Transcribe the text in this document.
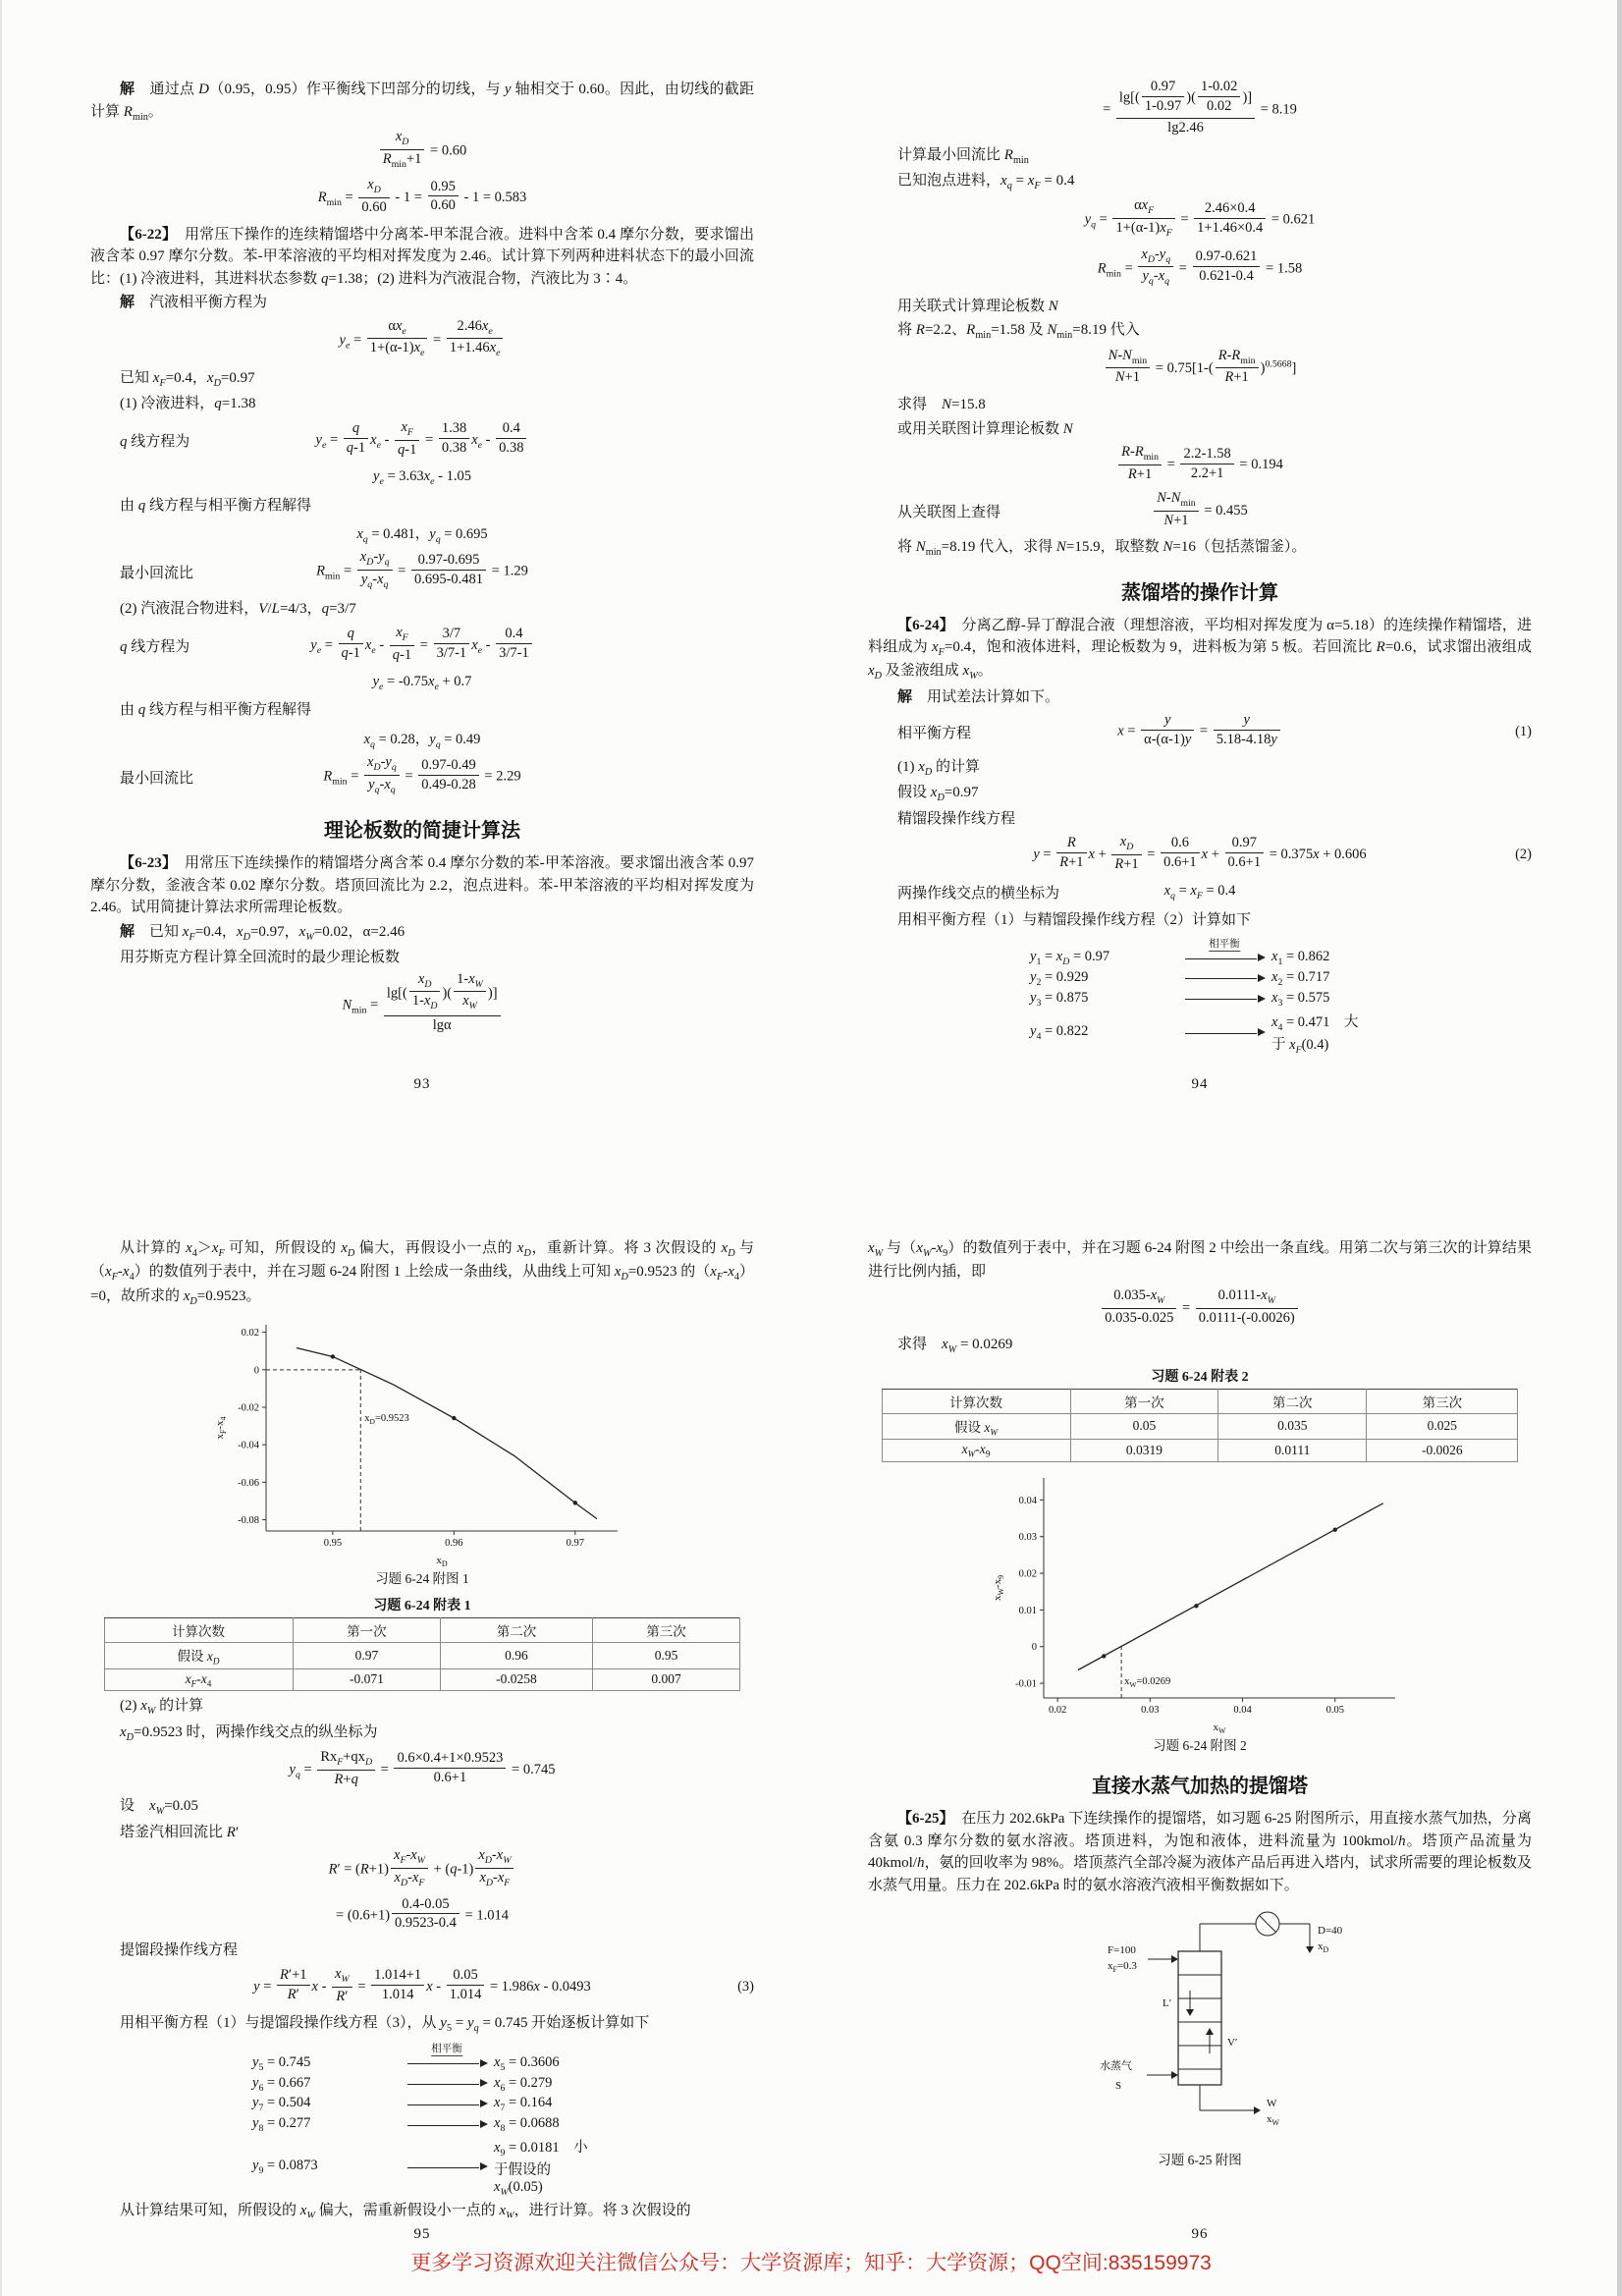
解　 通过点 D（0.95，0.95）作平衡线下凹部分的切线，与 y 轴相交于 0.60。因此，由切线的截距计算 $R_{min}$。

$x_D$
$R_{min}+1$
= 0.60
$R_{min} = \frac{x_D}{0.60} - 1 = \frac{0.95}{0.60} - 1 = 0.583$

【6-22】　 用常压下操作的连续精馏塔中分离苯-甲苯混合液。进料中含苯 0.4 摩尔分数，要求馏出液含苯 0.97 摩尔分数。苯-甲苯溶液的平均相对挥发度为 2.46。试计算下列两种进料状态下的最小回流比：(1) 冷液进料，其进料状态参数 q=1.38；(2) 进料为汽液混合物，汽液比为 3∶4。

解　 汽液相平衡方程为

$y_e$ =
$\alpha x_e$
$1+(\alpha-1)x_e$
= $\frac{2.46x_e}{1+1.46x_e}$

已知 $x_F=0.4$，$x_D=0.97$

(1) 冷液进料，q=1.38

q 线方程为	$y_e = \frac{q}{q-1} x_e - \frac{x_F}{q-1} = \frac{1.38}{0.38} x_e - \frac{0.4}{0.38}$
$y_e = 3.63x_e - 1.05$

由 q 线方程与相平衡方程解得

$x_q = 0.481$，$y_q = 0.695$
最小回流比	$R_{min} = \frac{x_D-y_q}{y_q-x_q} = \frac{0.97-0.695}{0.695-0.481} = 1.29$

(2) 汽液混合物进料，V/L=4/3，q=3/7

q 线方程为	$y_e = \frac{q}{q-1} x_e - \frac{x_F}{q-1} = \frac{3/7}{3/7-1} x_e - \frac{0.4}{3/7-1}$
$y_e = -0.75x_e + 0.7$

由 q 线方程与相平衡方程解得

$x_q = 0.28$，$y_q = 0.49$
最小回流比	$R_{min} = \frac{x_D-y_q}{y_q-x_q} = \frac{0.97-0.49}{0.49-0.28} = 2.29$
理论板数的简捷计算法

【6-23】　 用常压下连续操作的精馏塔分离含苯 0.4 摩尔分数的苯-甲苯溶液。要求馏出液含苯 0.97 摩尔分数，釜液含苯 0.02 摩尔分数。塔顶回流比为 2.2，泡点进料。苯-甲苯溶液的平均相对挥发度为 2.46。试用简捷计算法求所需理论板数。

解　 已知 $x_F=0.4$，$x_D=0.97$，$x_W=0.02$，α=2.46

用芬斯克方程计算全回流时的最少理论板数

$N_{min}$ =
$\lg[( \frac{x_D}{1-x_D}$ )( $\frac{1-x_W}{x_W}$ )]
lgα
93
= $\frac{\lg[( \frac{0.97}{1-0.97} )( \frac{1-0.02}{0.02} )]}{\lg 2.46} = 8.19$

计算最小回流比 $R_{min}$

已知泡点进料，$x_q = x_F = 0.4$

$y_q$ =
$\alpha x_F$
$1+(\alpha-1)x_F$
= $\frac{2.46\times 0.4}{1+1.46\times 0.4} = 0.621$
$R_{min} = \frac{x_D-y_q}{y_q-x_q} = \frac{0.97-0.621}{0.621-0.4} = 1.58$

用关联式计算理论板数 N

将 R=2.2、$R_{min}=1.58$ 及 $N_{min}=8.19$ 代入

$N-N_{min}$
N+1
= 0.75[1-(
$R-R_{min}$
R+1
)$^{0.5668}$]

求得　N=15.8

或用关联图计算理论板数 N

$R-R_{min}$
R+1
= $\frac{2.2-1.58}{2.2+1} = 0.194$
从关联图上查得
$N-N_{min}$
N+1
= 0.455

将 $N_{min}=8.19$ 代入，求得 N=15.9，取整数 N=16（包括蒸馏釜）。

蒸馏塔的操作计算

【6-24】　 分离乙醇-异丁醇混合液（理想溶液，平均相对挥发度为 α=5.18）的连续操作精馏塔，进料组成为 $x_F=0.4$，饱和液体进料，理论板数为 9，进料板为第 5 板。若回流比 R=0.6，试求馏出液组成 $x_D$ 及釜液组成 $x_W$。

解　 用试差法计算如下。

相平衡方程	$x = \frac{y}{\alpha-(\alpha-1)y} = \frac{y}{5.18-4.18y}$	(1)

(1) $x_D$ 的计算

假设 $x_D=0.97$

精馏段操作线方程

$y = \frac{R}{R+1}$ $x + \frac{x_D}{R+1} = \frac{0.6}{0.6+1}$ $x + \frac{0.97}{0.6+1} = 0.375x + 0.606$	(2)
两操作线交点的横坐标为	$x_q = x_F = 0.4$

用相平衡方程（1）与精馏段操作线方程（2）计算如下

$y_1 = x_D = 0.97$
相平衡
$x_1 = 0.862$
$y_2 = 0.929$	$x_2 = 0.717$
$y_3 = 0.875$	$x_3 = 0.575$
$y_4 = 0.822$
$x_4 = 0.471$　大于 $x_F(0.4)$
94

从计算的 $x_4>x_F$ 可知，所假设的 $x_D$ 偏大，再假设小一点的 $x_D$，重新计算。将 3 次假设的 $x_D$ 与$(x_F-x_4)$的数值列于表中，并在习题 6-24 附图 1 上绘成一条曲线，从曲线上可知 $x_D=0.9523$ 的$(x_F-x_4)=0$，故所求的 $x_D=0.9523$。

0.95	0.96	0.97
0.02
0
-0.02
-0.04
-0.06
-0.08
$x_D$
$x_F-x_4$	$x_D=0.9523$
习题 6-24 附图 1
习题 6-24 附表 1
计算次数	第一次	第二次	第三次
假设 $x_D$	0.97	0.96	0.95
$x_F-x_4$	-0.071	-0.0258	0.007

(2) $x_W$ 的计算

$x_D=0.9523$ 时，两操作线交点的纵坐标为

$y_q$ =
$Rx_F+qx_D$
R+q
= $\frac{0.6\times 0.4+1\times 0.9523}{0.6+1} = 0.745$

设　$x_W=0.05$

塔釜汽相回流比 R′

$R' = (R+1) \frac{x_F-x_W}{x_D-x_F} + (q-1) \frac{x_D-x_W}{x_D-x_F}$
= $(0.6+1) \frac{0.4-0.05}{0.9523-0.4} = 1.014$

提馏段操作线方程

$y = \frac{R'+1}{R'}$ $x - \frac{x_W}{R'} = \frac{1.014+1}{1.014}$ $x - \frac{0.05}{1.014} = 1.986x - 0.0493$	(3)

用相平衡方程（1）与提馏段操作线方程（3），从 $y_5 = y_q = 0.745$ 开始逐板计算如下

$y_5 = 0.745$
相平衡
$x_5 = 0.3606$
$y_6 = 0.667$	$x_6 = 0.279$
$y_7 = 0.504$	$x_7 = 0.164$
$y_8 = 0.277$	$x_8 = 0.0688$
$y_9 = 0.0873$
$x_9 = 0.0181$　小于假设的 $x_W(0.05)$

从计算结果可知，所假设的 $x_W$ 偏大，需重新假设小一点的 $x_W$，进行计算。将 3 次假设的

95

$x_W$ 与$(x_W-x_9)$的数值列于表中，并在习题 6-24 附图 2 中绘出一条直线。用第二次与第三次的计算结果进行比例内插，即

$\frac{0.035-x_W}{0.035-0.025} = \frac{0.0111-x_W}{0.0111-(-0.0026)}$

求得　$x_W = 0.0269$

习题 6-24 附表 2
计算次数	第一次	第二次	第三次
假设 $x_W$	0.05	0.035	0.025
$x_W-x_9$	0.0319	0.0111	-0.0026
0.02	0.03	0.04	0.05
-0.01
0
0.01
0.02
0.03
0.04
$x_W$
$x_W-x_9$
$x_W=0.0269$
习题 6-24 附图 2
直接水蒸气加热的提馏塔

【6-25】　 在压力 202.6kPa 下连续操作的提馏塔，如习题 6-25 附图所示，用直接水蒸气加热，分离含氨 0.3 摩尔分数的氨水溶液。塔顶进料，为饱和液体，进料流量为 100kmol/h。塔顶产品流量为 40kmol/h，氨的回收率为 98%。塔顶蒸汽全部冷凝为液体产品后再进入塔内，试求所需要的理论板数及水蒸气用量。压力在 202.6kPa 时的氨水溶液汽液相平衡数据如下。

D=40
$x_D$
F=100
$x_F=0.3$
L′
V′
水蒸气
S
W
$x_W$
习题 6-25 附图
96
更多学习资源欢迎关注微信公众号：大学资源库；知乎：大学资源；QQ空间:835159973
